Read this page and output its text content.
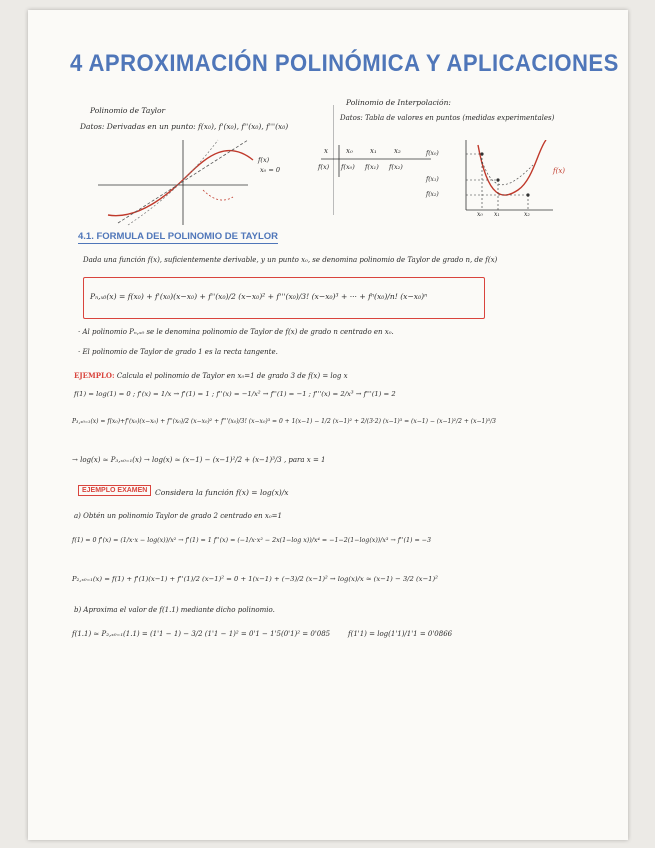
4 APROXIMACIÓN POLINÓMICA Y APLICACIONES
Polinomio de Taylor
Datos: Derivadas en un punto: f(x₀), f'(x₀), f''(x₀), f'''(x₀)
f(x)
x₀ = 0
Polinomio de Interpolación:
Datos: Tabla de valores en puntos (medidas experimentales)
x	x₀ x₁ x₂
f(x) f(x₀) f(x₁) f(x₂)
f(x₀)
f(x₁)
f(x₂)
x₀ x₁	x₂
f(x)
4.1. FORMULA DEL POLINOMIO DE TAYLOR
Dada una función f(x), suficientemente derivable, y un punto x₀, se denomina polinomio de Taylor de grado n, de f(x)
Pₙ,ₓ₀(x) = f(x₀) + f'(x₀)(x−x₀) + f''(x₀)/2 (x−x₀)² + f'''(x₀)/3! (x−x₀)³ + ··· + fⁿ(x₀)/n! (x−x₀)ⁿ
· Al polinomio Pₙ,ₓ₀ se le denomina polinomio de Taylor de f(x) de grado n centrado en x₀.
· El polinomio de Taylor de grado 1 es la recta tangente.
EJEMPLO: Calcula el polinomio de Taylor en x₀=1 de grado 3 de f(x) = log x
f(1) = log(1) = 0 ; f'(x) = 1/x → f'(1) = 1 ; f''(x) = −1/x² → f''(1) = −1 ; f'''(x) = 2/x³ → f'''(1) = 2
P₃,ₓ₀₌₁(x) = f(x₀)+f'(x₀)(x−x₀) + f''(x₀)/2 (x−x₀)² + f'''(x₀)/3! (x−x₀)³ = 0 + 1(x−1) − 1/2 (x−1)² + 2/(3·2) (x−1)³ = (x−1) − (x−1)²/2 + (x−1)³/3
→ log(x) ≃ P₃,ₓ₀₌₁(x) → log(x) ≃ (x−1) − (x−1)²/2 + (x−1)³/3 , para x = 1
EJEMPLO EXAMEN	Considera la función f(x) = log(x)/x
a) Obtén un polinomio Taylor de grado 2 centrado en x₀=1
f(1) = 0 f'(x) = (1/x·x − log(x))/x² → f'(1) = 1 f''(x) = (−1/x·x² − 2x(1−log x))/x⁴ = −1−2(1−log(x))/x³ → f''(1) = −3
P₂,ₓ₀₌₁(x) = f(1) + f'(1)(x−1) + f''(1)/2 (x−1)² = 0 + 1(x−1) + (−3)/2 (x−1)² → log(x)/x ≃ (x−1) − 3/2 (x−1)²
b) Aproxima el valor de f(1.1) mediante dicho polinomio.
f(1.1) ≃ P₂,ₓ₀₌₁(1.1) = (1'1 − 1) − 3/2 (1'1 − 1)² = 0'1 − 1'5(0'1)² = 0'085	f(1'1) = log(1'1)/1'1 = 0'0866
